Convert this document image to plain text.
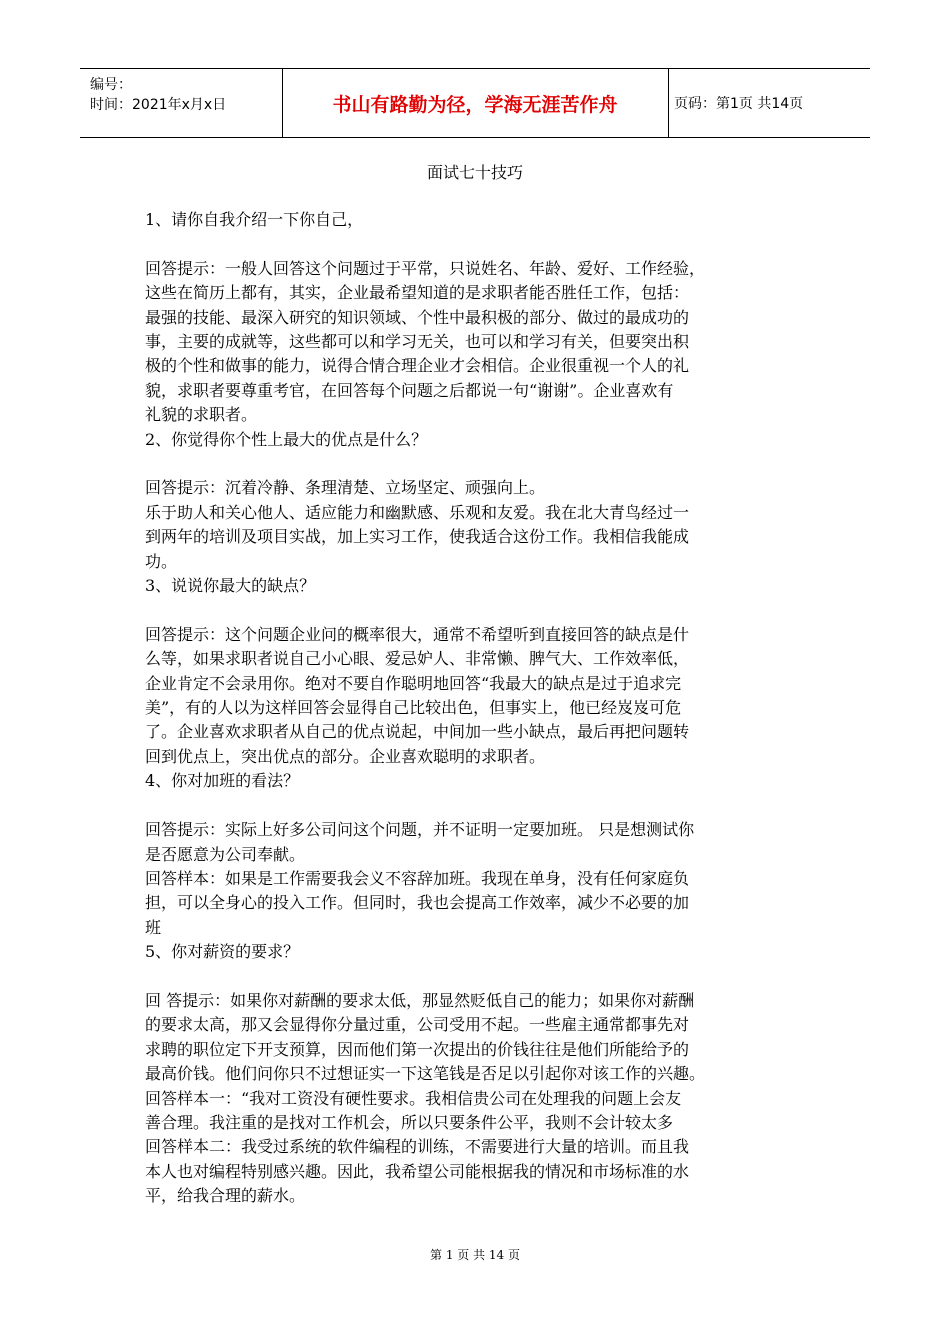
编号：
时间：2021年x月x日	书山有路勤为径，学海无涯苦作舟	页码：第1页 共14页
面试七十技巧

1、请你自我介绍一下你自己，

回答提示：一般人回答这个问题过于平常，只说姓名、年龄、爱好、工作经验，

这些在简历上都有，其实，企业最希望知道的是求职者能否胜任工作，包括：

最强的技能、最深入研究的知识领域、个性中最积极的部分、做过的最成功的

事，主要的成就等，这些都可以和学习无关，也可以和学习有关，但要突出积

极的个性和做事的能力，说得合情合理企业才会相信。企业很重视一个人的礼

貌，求职者要尊重考官，在回答每个问题之后都说一句“谢谢”。企业喜欢有

礼貌的求职者。

2、你觉得你个性上最大的优点是什么？

回答提示：沉着冷静、条理清楚、立场坚定、顽强向上。

乐于助人和关心他人、适应能力和幽默感、乐观和友爱。我在北大青鸟经过一

到两年的培训及项目实战，加上实习工作，使我适合这份工作。我相信我能成

功。

3、说说你最大的缺点？

回答提示：这个问题企业问的概率很大，通常不希望听到直接回答的缺点是什

么等，如果求职者说自己小心眼、爱忌妒人、非常懒、脾气大、工作效率低，

企业肯定不会录用你。绝对不要自作聪明地回答“我最大的缺点是过于追求完

美”，有的人以为这样回答会显得自己比较出色，但事实上，他已经岌岌可危

了。企业喜欢求职者从自己的优点说起，中间加一些小缺点，最后再把问题转

回到优点上，突出优点的部分。企业喜欢聪明的求职者。

4、你对加班的看法？

回答提示：实际上好多公司问这个问题，并不证明一定要加班。 只是想测试你

是否愿意为公司奉献。

回答样本：如果是工作需要我会义不容辞加班。我现在单身，没有任何家庭负

担，可以全身心的投入工作。但同时，我也会提高工作效率，减少不必要的加

班

5、你对薪资的要求？

回 答提示：如果你对薪酬的要求太低，那显然贬低自己的能力；如果你对薪酬

的要求太高，那又会显得你分量过重，公司受用不起。一些雇主通常都事先对

求聘的职位定下开支预算，因而他们第一次提出的价钱往往是他们所能给予的

最高价钱。他们问你只不过想证实一下这笔钱是否足以引起你对该工作的兴趣。

回答样本一：“我对工资没有硬性要求。我相信贵公司在处理我的问题上会友

善合理。我注重的是找对工作机会，所以只要条件公平，我则不会计较太多

回答样本二：我受过系统的软件编程的训练，不需要进行大量的培训。而且我

本人也对编程特别感兴趣。因此，我希望公司能根据我的情况和市场标准的水

平，给我合理的薪水。

第 1 页 共 14 页
